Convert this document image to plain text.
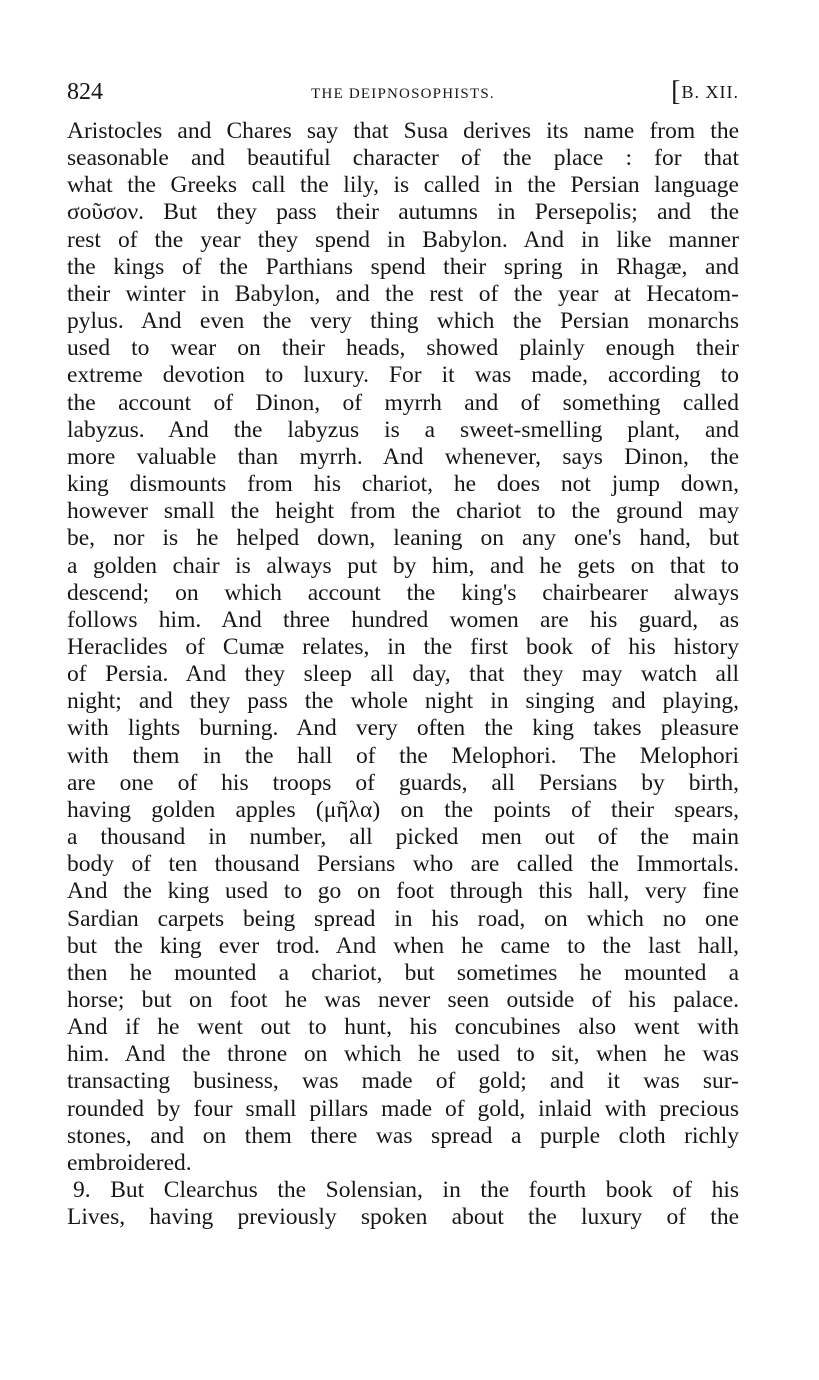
824	THE DEIPNOSOPHISTS.	[B. XII.
Aristocles and Chares say that Susa derives its name from the
seasonable and beautiful character of the place : for that
what the Greeks call the lily, is called in the Persian language
σοῦσον. But they pass their autumns in Persepolis; and the
rest of the year they spend in Babylon. And in like manner
the kings of the Parthians spend their spring in Rhagæ, and
their winter in Babylon, and the rest of the year at Hecatom-
pylus. And even the very thing which the Persian monarchs
used to wear on their heads, showed plainly enough their
extreme devotion to luxury. For it was made, according to
the account of Dinon, of myrrh and of something called
labyzus. And the labyzus is a sweet-smelling plant, and
more valuable than myrrh. And whenever, says Dinon, the
king dismounts from his chariot, he does not jump down,
however small the height from the chariot to the ground may
be, nor is he helped down, leaning on any one's hand, but
a golden chair is always put by him, and he gets on that to
descend; on which account the king's chairbearer always
follows him. And three hundred women are his guard, as
Heraclides of Cumæ relates, in the first book of his history
of Persia. And they sleep all day, that they may watch all
night; and they pass the whole night in singing and playing,
with lights burning. And very often the king takes pleasure
with them in the hall of the Melophori. The Melophori
are one of his troops of guards, all Persians by birth,
having golden apples (μῆλα) on the points of their spears,
a thousand in number, all picked men out of the main
body of ten thousand Persians who are called the Immortals.
And the king used to go on foot through this hall, very fine
Sardian carpets being spread in his road, on which no one
but the king ever trod. And when he came to the last hall,
then he mounted a chariot, but sometimes he mounted a
horse; but on foot he was never seen outside of his palace.
And if he went out to hunt, his concubines also went with
him. And the throne on which he used to sit, when he was
transacting business, was made of gold; and it was sur-
rounded by four small pillars made of gold, inlaid with precious
stones, and on them there was spread a purple cloth richly
embroidered.
9. But Clearchus the Solensian, in the fourth book of his
Lives, having previously spoken about the luxury of the
